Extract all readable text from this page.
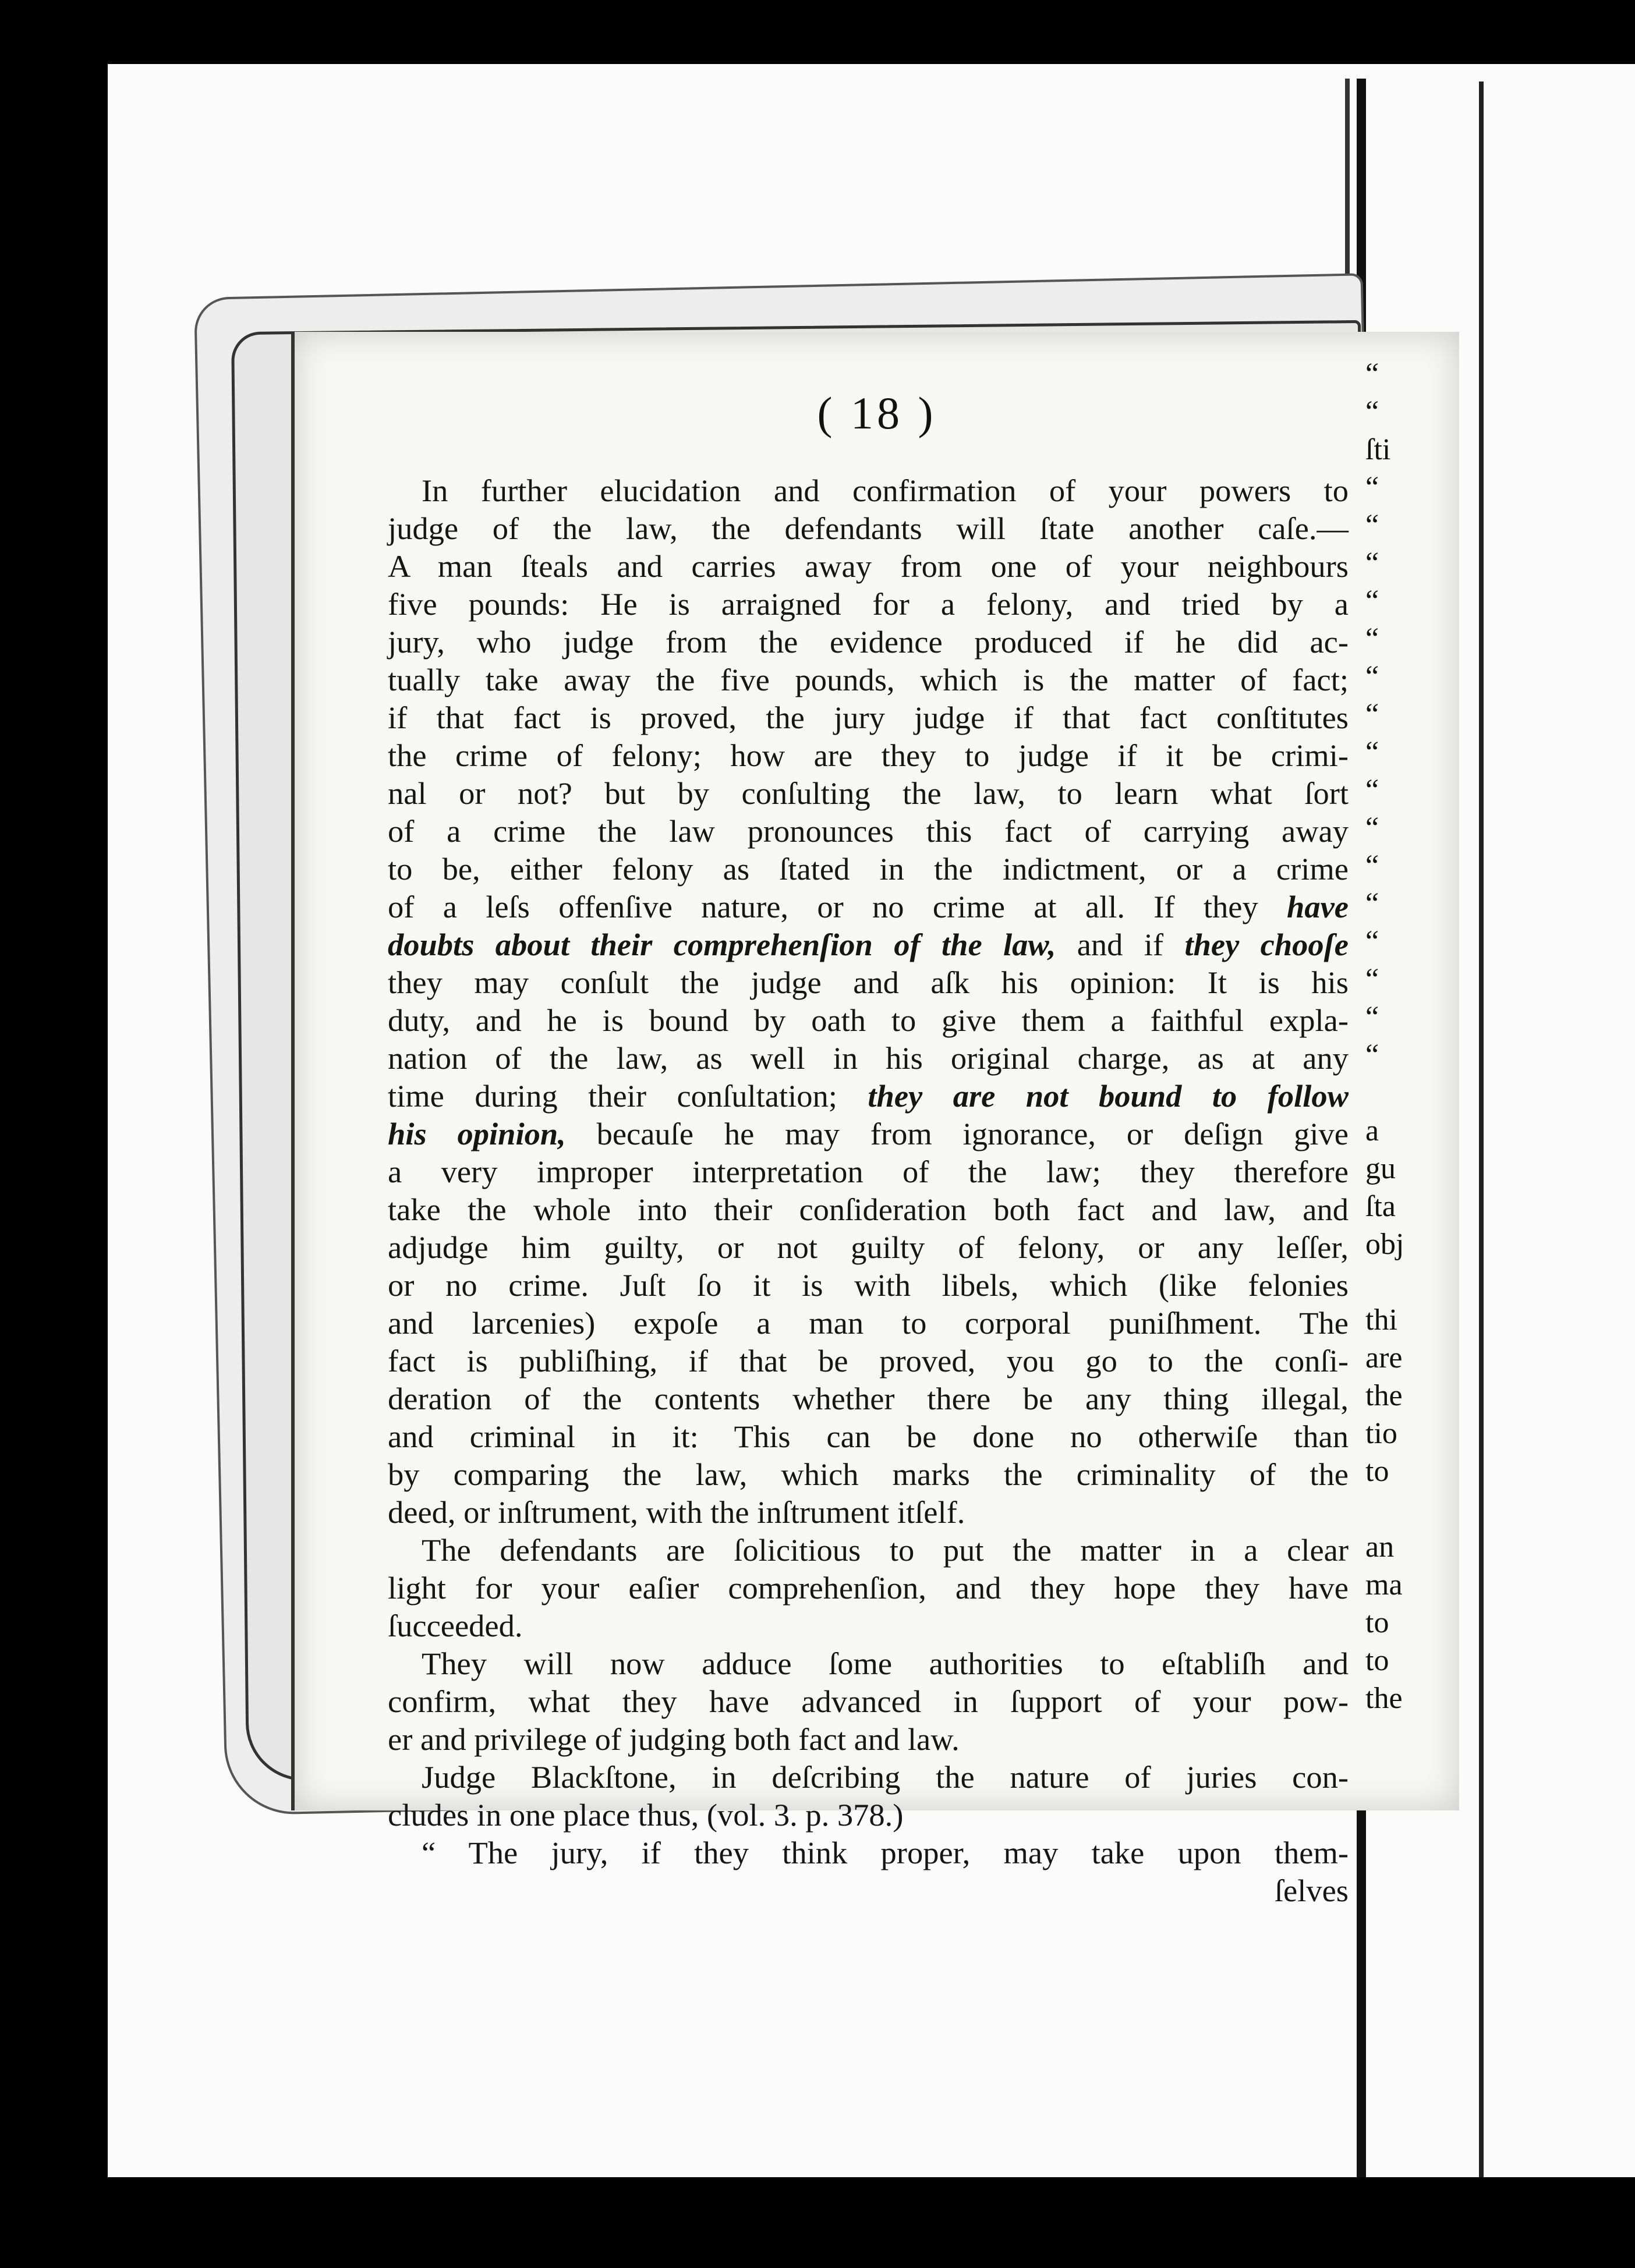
( 18 )

In further elucidation and confirmation of your powers to
judge of the law, the defendants will ſtate another caſe.—
A man ſteals and carries away from one of your neighbours
five pounds: He is arraigned for a felony, and tried by a
jury, who judge from the evidence produced if he did ac-
tually take away the five pounds, which is the matter of fact;
if that fact is proved, the jury judge if that fact conſtitutes
the crime of felony; how are they to judge if it be crimi-
nal or not? but by conſulting the law, to learn what ſort
of a crime the law pronounces this fact of carrying away
to be, either felony as ſtated in the indictment, or a crime
of a leſs offenſive nature, or no crime at all. If they have
doubts about their comprehenſion of the law, and if they chooſe
they may conſult the judge and aſk his opinion: It is his
duty, and he is bound by oath to give them a faithful expla-
nation of the law, as well in his original charge, as at any
time during their conſultation; they are not bound to follow
his opinion, becauſe he may from ignorance, or deſign give
a very improper interpretation of the law; they therefore
take the whole into their conſideration both fact and law, and
adjudge him guilty, or not guilty of felony, or any leſſer,
or no crime. Juſt ſo it is with libels, which (like felonies
and larcenies) expoſe a man to corporal puniſhment. The
fact is publiſhing, if that be proved, you go to the conſi-
deration of the contents whether there be any thing illegal,
and criminal in it: This can be done no otherwiſe than
by comparing the law, which marks the criminality of the
deed, or inſtrument, with the inſtrument itſelf.

The defendants are ſolicitious to put the matter in a clear
light for your eaſier comprehenſion, and they hope they have
ſucceeded.

They will now adduce ſome authorities to eſtabliſh and
confirm, what they have advanced in ſupport of your pow-
er and privilege of judging both fact and law.

Judge Blackſtone, in deſcribing the nature of juries con-
cludes in one place thus, (vol. 3. p. 378.)

“ The jury, if they think proper, may take upon them-
ſelves

“
“
ſti
“
“
“
“
“
“
“
“
“
“
“
“
“
“
“
“
a
gu
ſta
obj
thi
are
the
tio
to
an
ma
to
to
the
